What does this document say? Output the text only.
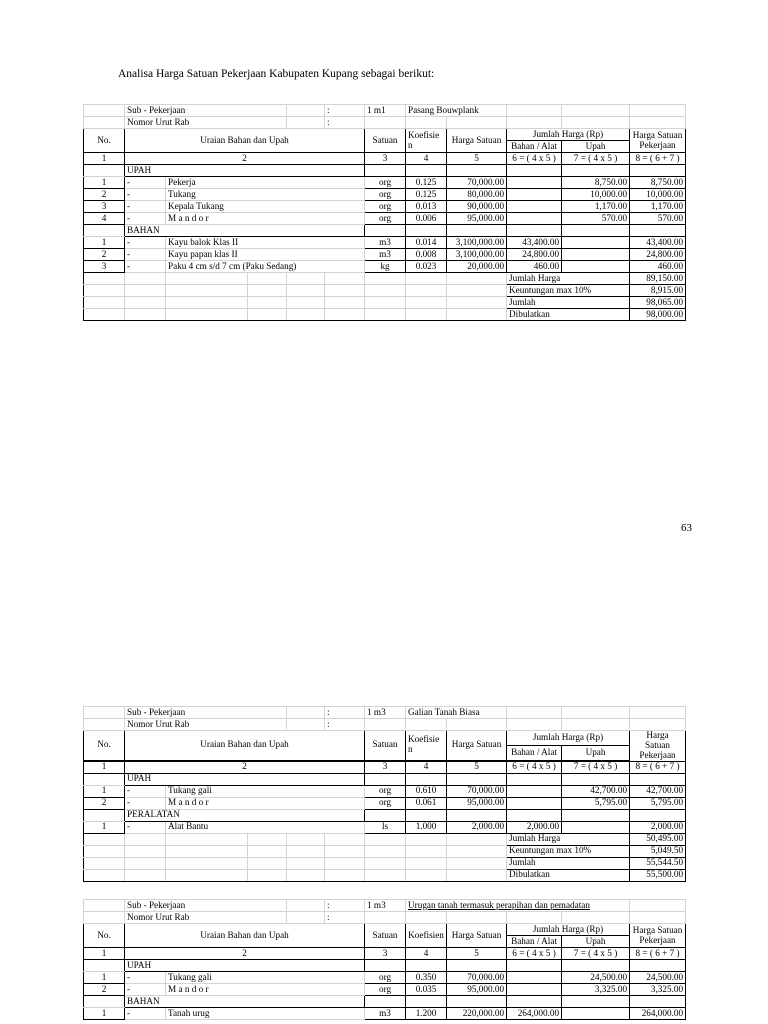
Analisa Harga Satuan Pekerjaan Kabupaten Kupang sebagai berikut:
	Sub - Pekerjaan				:	1 m1	Pasang Bouwplank				
	Nomor Urut Rab				:						
No.	Uraian Bahan dan Upah					Satuan	Koefisie
n	Harga Satuan	Jumlah Harga (Rp)		Harga Satuan Pekerjaan
									Bahan / Alat	Upah	
1	2					3	4	5	6 = ( 4 x 5 )	7 = ( 4 x 5 )	8 = ( 6 + 7 )
	UPAH										
1	-	Pekerja				org	0.125	70,000.00		8,750.00	8,750.00
2	-	Tukang				org	0.125	80,000.00		10,000.00	10,000.00
3	-	Kepala Tukang				org	0.013	90,000.00		1,170.00	1,170.00
4	-	M a n d o r				org	0.006	95,000.00		570.00	570.00
	BAHAN										
1	-	Kayu balok Klas II				m3	0.014	3,100,000.00	43,400.00		43,400.00
2	-	Kayu papan klas II				m3	0.008	3,100,000.00	24,800.00		24,800.00
3	-	Paku 4 cm s/d 7 cm (Paku Sedang)				kg	0.023	20,000.00	460.00		460.00
									Jumlah Harga		89,150.00
									Keuntungan max 10%		8,915.00
									Jumlah		98,065.00
									Dibulatkan		98,000.00
63
	Sub - Pekerjaan				:	1 m3	Galian Tanah Biasa				
	Nomor Urut Rab				:						
No.	Uraian Bahan dan Upah					Satuan	Koefisie
n	Harga Satuan	Jumlah Harga (Rp)		Harga Satuan Pekerjaan
									Bahan / Alat	Upah	

1	2					3	4	5	6 = ( 4 x 5 )	7 = ( 4 x 5 )	8 = ( 6 + 7 )
	UPAH										
1	-	Tukang gali				org	0.610	70,000.00		42,700.00	42,700.00
2	-	M a n d o r				org	0.061	95,000.00		5,795.00	5,795.00
	PERALATAN										
1	-	Alat Bantu				ls	1.000	2,000.00	2,000.00		2,000.00
									Jumlah Harga		50,495.00
									Keuntungan max 10%		5,049.50
									Jumlah		55,544.50
									Dibulatkan		55,500.00
	Sub - Pekerjaan			:	1 m3	Urugan tanah termasuk perapihan dan pemadatan				
	Nomor Urut Rab			:						
No.	Uraian Bahan dan Upah				Satuan	Koefisien	Harga Satuan	Jumlah Harga (Rp)		Harga Satuan Pekerjaan
								Bahan / Alat	Upah	
1	2				3	4	5	6 = ( 4 x 5 )	7 = ( 4 x 5 )	8 = ( 6 + 7 )
	UPAH									
1	-	Tukang gali			org	0.350	70,000.00		24,500.00	24,500.00
2	-	M a n d o r			org	0.035	95,000.00		3,325.00	3,325.00
	BAHAN									
1	-	Tanah urug			m3	1.200	220,000.00	264,000.00		264,000.00
